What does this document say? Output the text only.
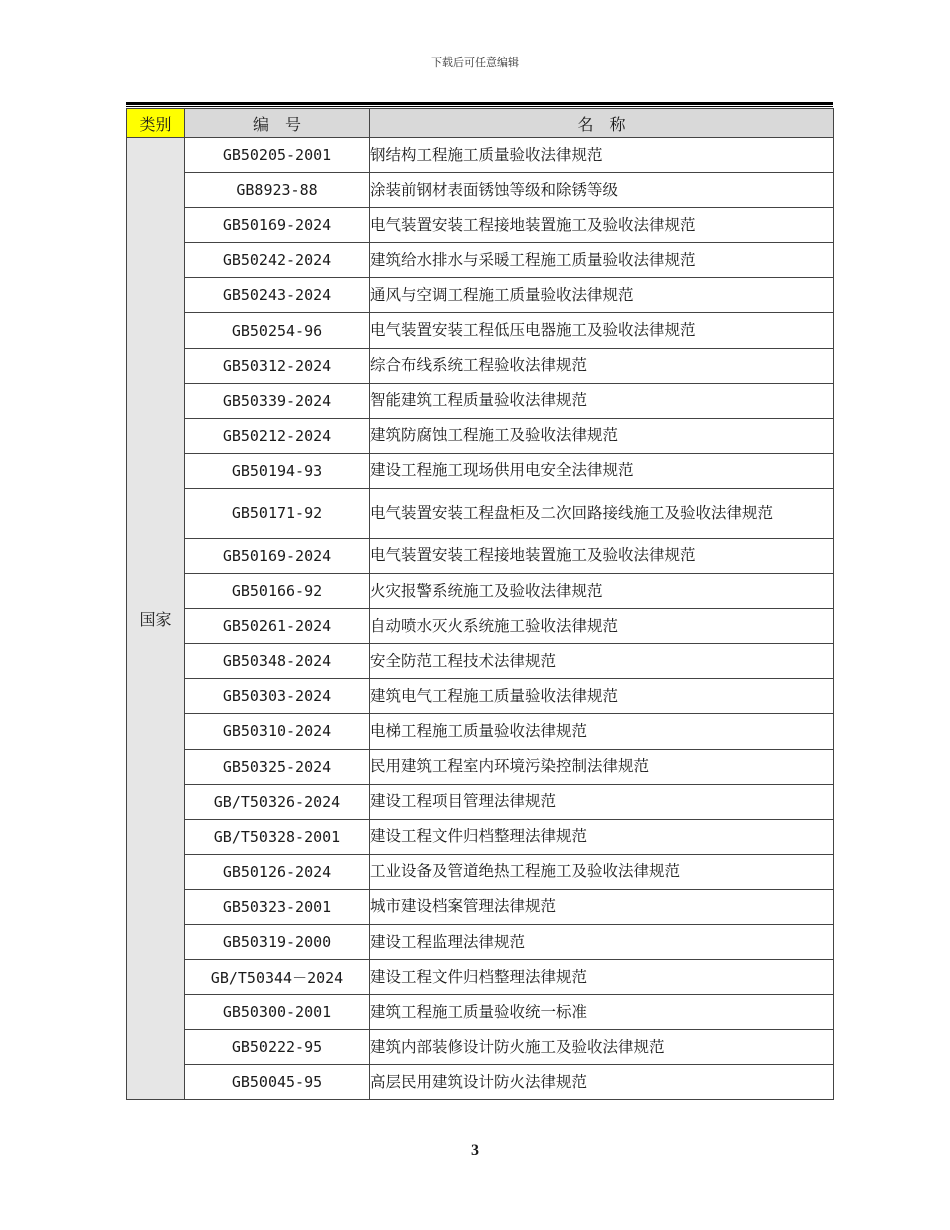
下载后可任意编辑
类别	编　号	名　称
国家	GB50205-2001	钢结构工程施工质量验收法律规范
	GB8923-88	涂装前钢材表面锈蚀等级和除锈等级
	GB50169-2024	电气装置安装工程接地装置施工及验收法律规范
	GB50242-2024	建筑给水排水与采暖工程施工质量验收法律规范
	GB50243-2024	通风与空调工程施工质量验收法律规范
	GB50254-96	电气装置安装工程低压电器施工及验收法律规范
	GB50312-2024	综合布线系统工程验收法律规范
	GB50339-2024	智能建筑工程质量验收法律规范
	GB50212-2024	建筑防腐蚀工程施工及验收法律规范
	GB50194-93	建设工程施工现场供用电安全法律规范
	GB50171-92	电气装置安装工程盘柜及二次回路接线施工及验收法律规范
	GB50169-2024	电气装置安装工程接地装置施工及验收法律规范
	GB50166-92	火灾报警系统施工及验收法律规范
	GB50261-2024	自动喷水灭火系统施工验收法律规范
	GB50348-2024	安全防范工程技术法律规范
	GB50303-2024	建筑电气工程施工质量验收法律规范
	GB50310-2024	电梯工程施工质量验收法律规范
	GB50325-2024	民用建筑工程室内环境污染控制法律规范
	GB/T50326-2024	建设工程项目管理法律规范
	GB/T50328-2001	建设工程文件归档整理法律规范
	GB50126-2024	工业设备及管道绝热工程施工及验收法律规范
	GB50323-2001	城市建设档案管理法律规范
	GB50319-2000	建设工程监理法律规范
	GB/T50344－2024	建设工程文件归档整理法律规范
	GB50300-2001	建筑工程施工质量验收统一标准
	GB50222-95	建筑内部装修设计防火施工及验收法律规范
	GB50045-95	高层民用建筑设计防火法律规范
3
